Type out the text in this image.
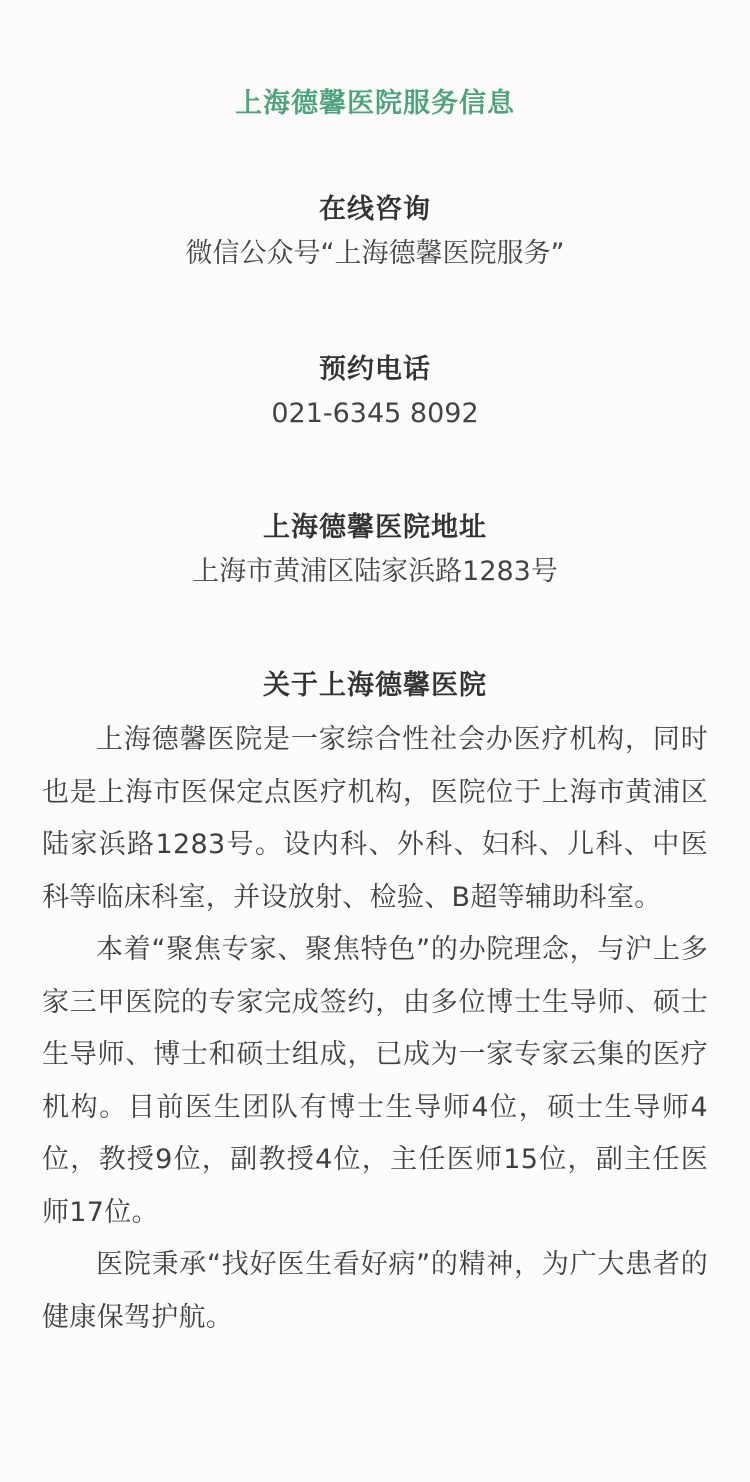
上海德馨医院服务信息
在线咨询

微信公众号“上海德馨医院服务”

预约电话

021-6345 8092

上海德馨医院地址

上海市黄浦区陆家浜路1283号

关于上海德馨医院

上海德馨医院是一家综合性社会办医疗机构，同时也是上海市医保定点医疗机构，医院位于上海市黄浦区陆家浜路1283号。设内科、外科、妇科、儿科、中医科等临床科室，并设放射、检验、B超等辅助科室。

本着“聚焦专家、聚焦特色”的办院理念，与沪上多家三甲医院的专家完成签约，由多位博士生导师、硕士生导师、博士和硕士组成，已成为一家专家云集的医疗机构。目前医生团队有博士生导师4位，硕士生导师4位，教授9位，副教授4位，主任医师15位，副主任医师17位。

医院秉承“找好医生看好病”的精神，为广大患者的健康保驾护航。
